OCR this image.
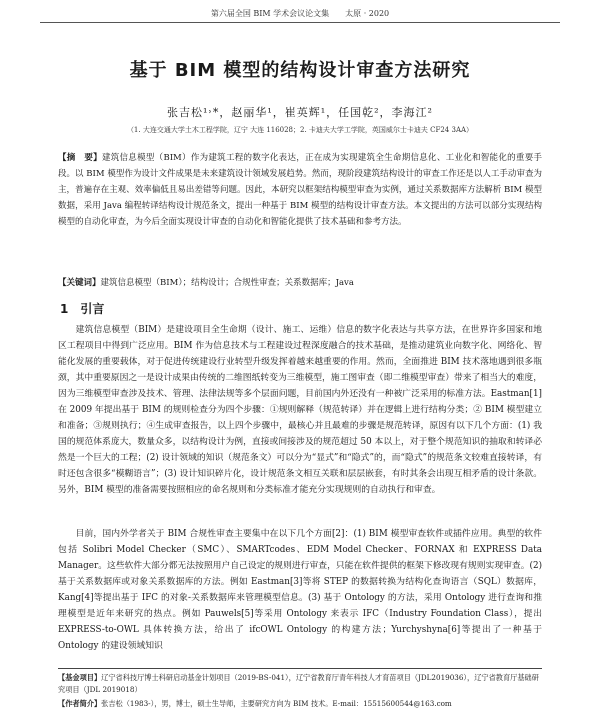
第六届全国 BIM 学术会议论文集　　太原 · 2020
基于 BIM 模型的结构设计审查方法研究
张吉松¹˒*，赵丽华¹，崔英辉¹，任国乾²，李海江²
（1. 大连交通大学土木工程学院，辽宁 大连 116028；2. 卡迪夫大学工学院，英国威尔士卡迪夫 CF24 3AA）
【摘　要】建筑信息模型（BIM）作为建筑工程的数字化表达，正在成为实现建筑全生命期信息化、工业化和智能化的重要手段。以 BIM 模型作为设计文件成果是未来建筑设计领域发展趋势。然而，现阶段建筑结构设计的审查工作还是以人工手动审查为主，普遍存在主观、效率偏低且易出差错等问题。因此，本研究以框架结构模型审查为实例，通过关系数据库方法解析 BIM 模型数据，采用 Java 编程转译结构设计规范条文，提出一种基于 BIM 模型的结构设计审查方法。本文提出的方法可以部分实现结构模型的自动化审查，为今后全面实现设计审查的自动化和智能化提供了技术基础和参考方法。
【关键词】建筑信息模型（BIM）；结构设计；合规性审查；关系数据库；Java
1　引言
建筑信息模型（BIM）是建设项目全生命期（设计、施工、运维）信息的数字化表达与共享方法，在世界许多国家和地区工程项目中得到广泛应用。BIM 作为信息技术与工程建设过程深度融合的技术基础，是推动建筑业向数字化、网络化、智能化发展的重要载体，对于促进传统建设行业转型升级发挥着越来越重要的作用。然而，全面推进 BIM 技术落地遇到很多瓶颈，其中重要原因之一是设计成果由传统的二维图纸转变为三维模型，施工图审查（即二维模型审查）带来了相当大的难度，因为三维模型审查涉及技术、管理、法律法规等多个层面问题，目前国内外还没有一种被广泛采用的标准方法。Eastman[1]在 2009 年提出基于 BIM 的规则检查分为四个步骤：①规则解释（规范转译）并在逻辑上进行结构分类；② BIM 模型建立和准备；③规则执行；④生成审查报告，以上四个步骤中，最核心并且最难的步骤是规范转译，原因有以下几个方面：(1) 我国的规范体系庞大，数量众多，以结构设计为例，直接或间接涉及的规范超过 50 本以上，对于整个规范知识的抽取和转译必然是一个巨大的工程；(2) 设计领域的知识（规范条文）可以分为“显式”和“隐式”的，而“隐式”的规范条文较难直接转译，有时还包含很多“模糊语言”；(3) 设计知识碎片化，设计规范条文相互关联和层层嵌套，有时其条会出现互相矛盾的设计条款。另外，BIM 模型的准备需要按照相应的命名规则和分类标准才能充分实现规则的自动执行和审查。
目前，国内外学者关于 BIM 合规性审查主要集中在以下几个方面[2]：(1) BIM 模型审查软件或插件应用。典型的软件包括 Solibri Model Checker（SMC）、SMARTcodes、EDM Model Checker、FORNAX 和 EXPRESS Data Manager。这些软件大部分都无法按照用户自己设定的规则进行审查，只能在软件提供的框架下修改现有规则实现审查。(2) 基于关系数据库或对象关系数据库的方法。例如 Eastman[3]等将 STEP 的数据转换为结构化查询语言（SQL）数据库，Kang[4]等提出基于 IFC 的对象-关系数据库来管理模型信息。(3) 基于 Ontology 的方法，采用 Ontology 进行查询和推理模型是近年来研究的热点。例如 Pauwels[5]等采用 Ontology 来表示 IFC（Industry Foundation Class），提出 EXPRESS-to-OWL 具体转换方法，给出了 ifcOWL Ontology 的构建方法；Yurchyshyna[6]等提出了一种基于 Ontology 的建设领域知识
【基金项目】辽宁省科技厅博士科研启动基金计划项目（2019-BS-041），辽宁省教育厅青年科技人才育苗项目（JDL2019036），辽宁省教育厅基础研究项目（JDL 2019018）
【作者简介】张吉松（1983-），男，博士，硕士生导师，主要研究方向为 BIM 技术。E-mail：15515600544@163.com
